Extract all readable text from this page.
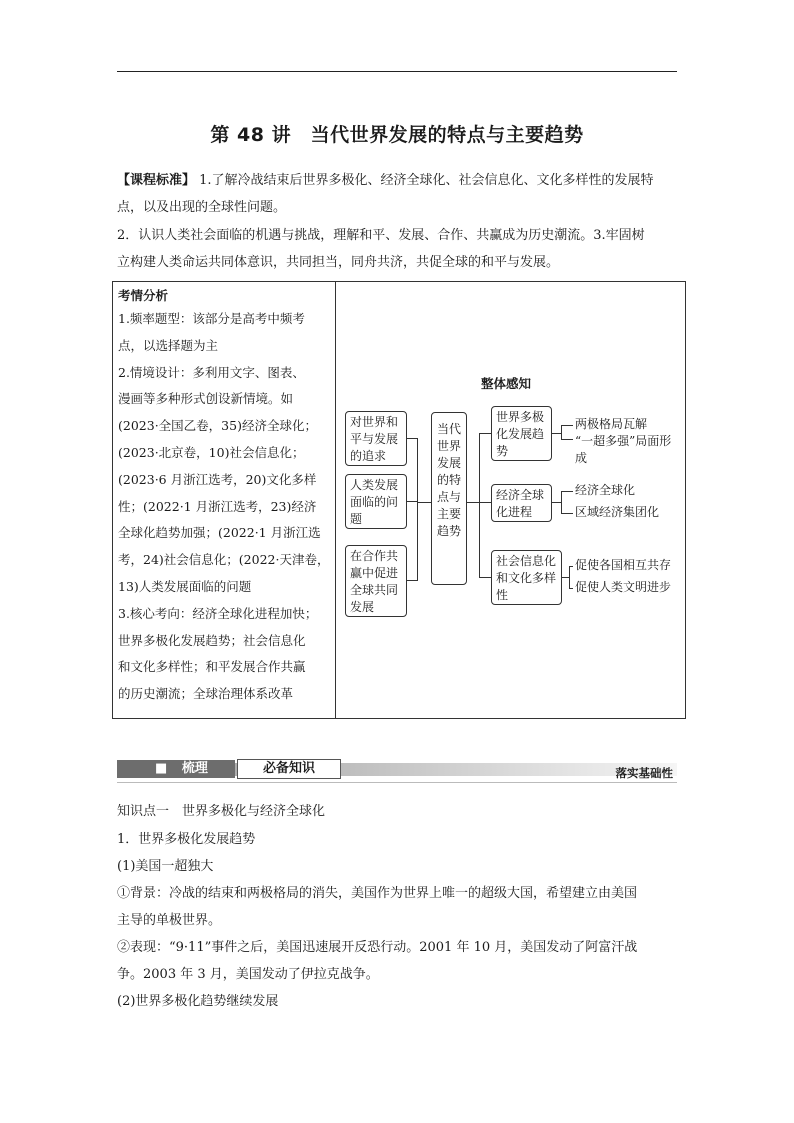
第 48 讲　当代世界发展的特点与主要趋势
【课程标准】 1.了解冷战结束后世界多极化、经济全球化、社会信息化、文化多样性的发展特
点，以及出现的全球性问题。
2．认识人类社会面临的机遇与挑战，理解和平、发展、合作、共赢成为历史潮流。3.牢固树
立构建人类命运共同体意识，共同担当，同舟共济，共促全球的和平与发展。
考情分析
1.频率题型：该部分是高考中频考
点，以选择题为主
2.情境设计：多利用文字、图表、
漫画等多种形式创设新情境。如
(2023·全国乙卷，35)经济全球化；
(2023·北京卷，10)社会信息化；
(2023·6 月浙江选考，20)文化多样
性；(2022·1 月浙江选考，23)经济
全球化趋势加强；(2022·1 月浙江选
考，24)社会信息化；(2022·天津卷，
13)人类发展面临的问题
3.核心考向：经济全球化进程加快；
世界多极化发展趋势；社会信息化
和文化多样性；和平发展合作共赢
的历史潮流；全球治理体系改革
整体感知
对世界和平与发展的追求
人类发展面临的问题
在合作共赢中促进全球共同发展
当代世界发展的特点与主要趋势
世界多极化发展趋势
经济全球化进程
社会信息化和文化多样性
两极格局瓦解
“一超多强”局面形成
经济全球化
区域经济集团化
促使各国相互共存
促使人类文明进步
■ 梳理	必备知识	落实基础性
知识点一　世界多极化与经济全球化
1．世界多极化发展趋势
(1)美国一超独大
①背景：冷战的结束和两极格局的消失，美国作为世界上唯一的超级大国，希望建立由美国
主导的单极世界。
②表现：“9·11”事件之后，美国迅速展开反恐行动。2001 年 10 月，美国发动了阿富汗战
争。2003 年 3 月，美国发动了伊拉克战争。
(2)世界多极化趋势继续发展
